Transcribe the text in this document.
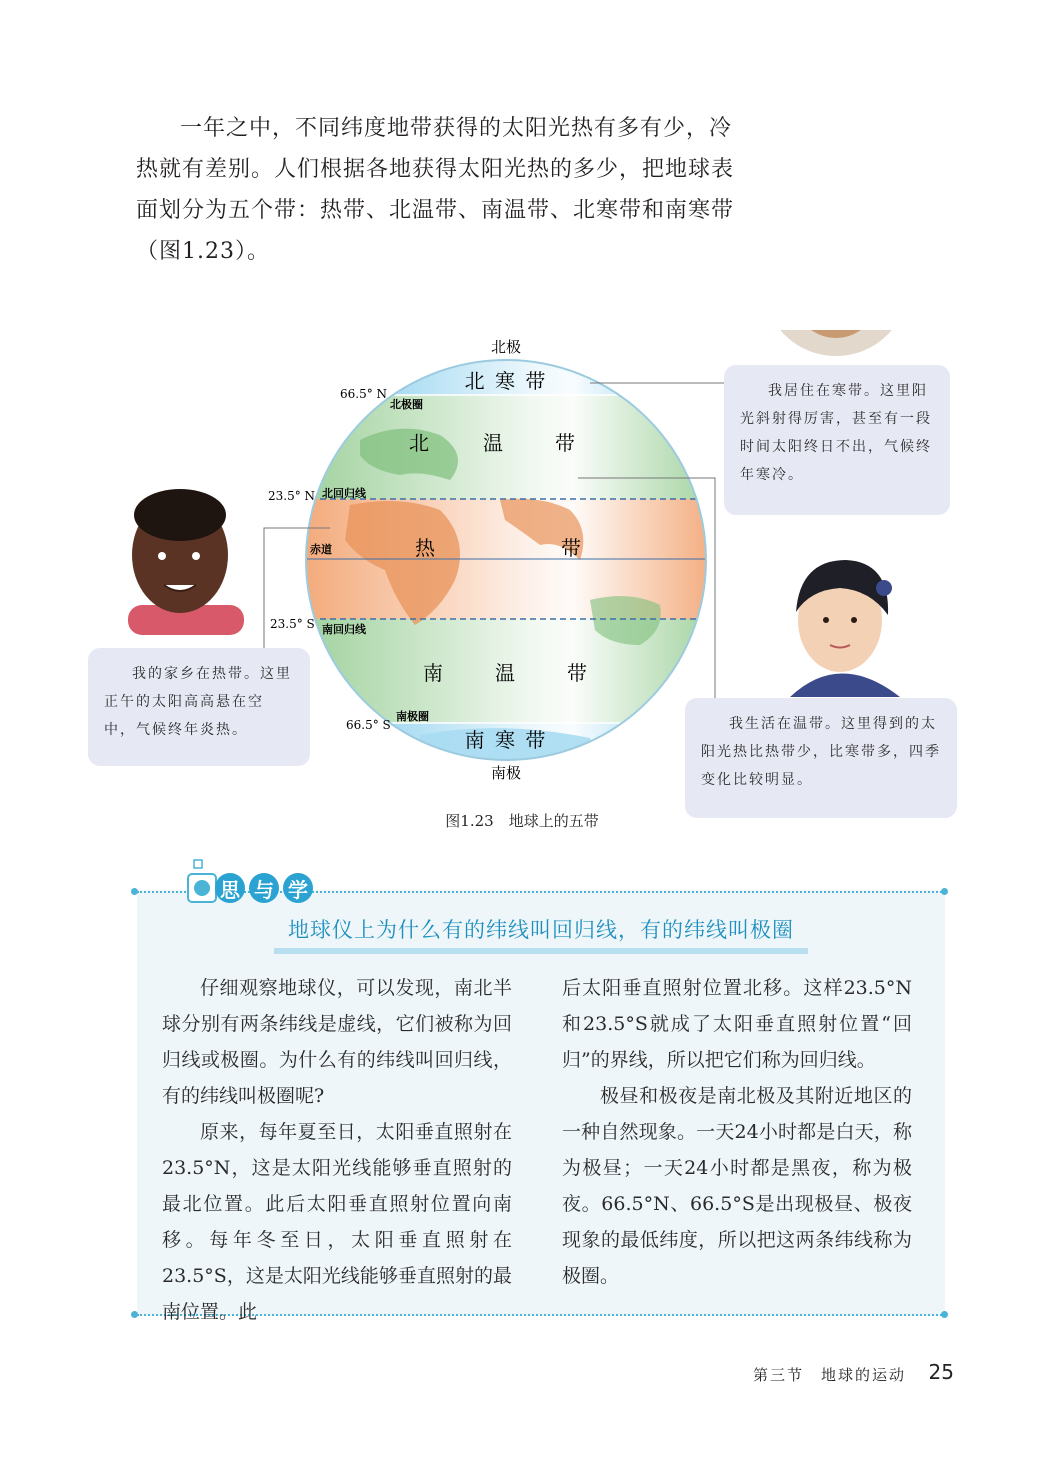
一年之中，不同纬度地带获得的太阳光热有多有少，冷热就有差别。人们根据各地获得太阳光热的多少，把地球表面划分为五个带：热带、北温带、南温带、北寒带和南寒带（图1.23）。

北极
南极
66.5° N
23.5° N
23.5° S
66.5° S
北极圈
北回归线
赤道
南回归线
南极圈
北 寒 带
北	温	带
热	带
南	温	带
南 寒 带

我居住在寒带。这里阳光斜射得厉害，甚至有一段时间太阳终日不出，气候终年寒冷。

我的家乡在热带。这里正午的太阳高高悬在空中，气候终年炎热。	我生活在温带。这里得到的太阳光热比热带少，比寒带多，四季变化比较明显。

图1.23　地球上的五带
思与学
地球仪上为什么有的纬线叫回归线，有的纬线叫极圈

仔细观察地球仪，可以发现，南北半球分别有两条纬线是虚线，它们被称为回归线或极圈。为什么有的纬线叫回归线，有的纬线叫极圈呢?

原来，每年夏至日，太阳垂直照射在23.5°N，这是太阳光线能够垂直照射的最北位置。此后太阳垂直照射位置向南移。每年冬至日，太阳垂直照射在23.5°S，这是太阳光线能够垂直照射的最南位置。此

后太阳垂直照射位置北移。这样23.5°N和23.5°S就成了太阳垂直照射位置“回归”的界线，所以把它们称为回归线。

极昼和极夜是南北极及其附近地区的一种自然现象。一天24小时都是白天，称为极昼；一天24小时都是黑夜，称为极夜。66.5°N、66.5°S是出现极昼、极夜现象的最低纬度，所以把这两条纬线称为极圈。

第三节　地球的运动 25
